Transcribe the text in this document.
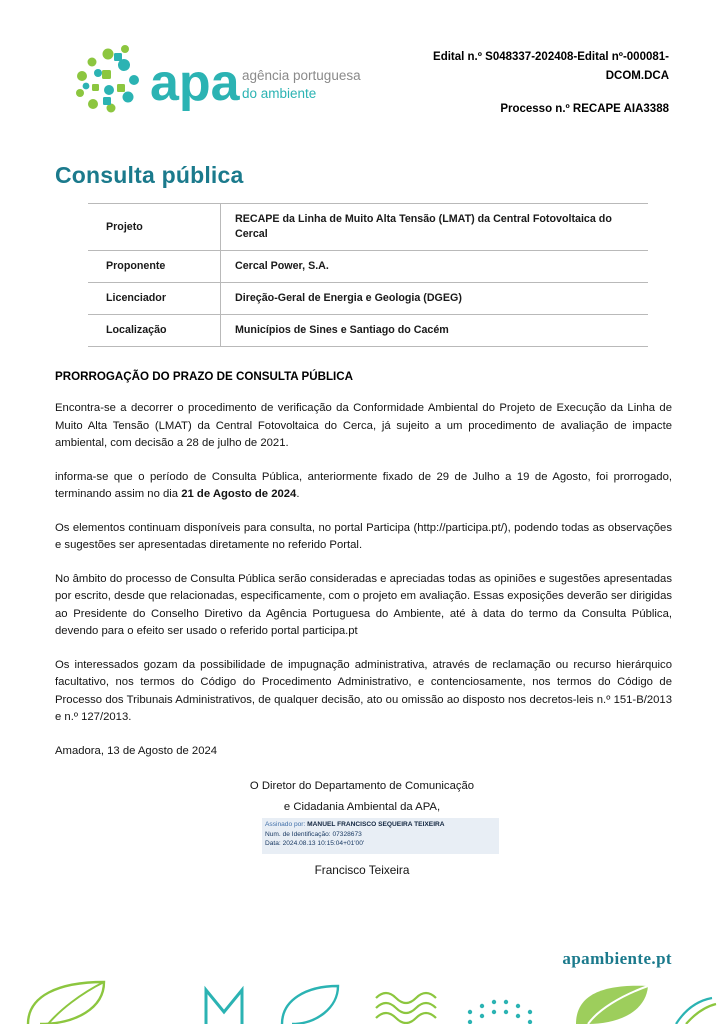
apa agência portuguesa
do ambiente
Edital n.º S048337-202408-Edital nº-000081-
DCOM.DCA
Processo n.º RECAPE AIA3388
Consulta pública
Projeto	RECAPE da Linha de Muito Alta Tensão (LMAT) da Central Fotovoltaica do Cercal
Proponente	Cercal Power, S.A.
Licenciador	Direção-Geral de Energia e Geologia (DGEG)
Localização	Municípios de Sines e Santiago do Cacém
PRORROGAÇÃO DO PRAZO DE CONSULTA PÚBLICA

Encontra-se a decorrer o procedimento de verificação da Conformidade Ambiental do Projeto de Execução da Linha de Muito Alta Tensão (LMAT) da Central Fotovoltaica do Cerca, já sujeito a um procedimento de avaliação de impacte ambiental, com decisão a 28 de julho de 2021.

informa-se que o período de Consulta Pública, anteriormente fixado de 29 de Julho a 19 de Agosto, foi prorrogado, terminando assim no dia 21 de Agosto de 2024.

Os elementos continuam disponíveis para consulta, no portal Participa (http://participa.pt/), podendo todas as observações e sugestões ser apresentadas diretamente no referido Portal.

No âmbito do processo de Consulta Pública serão consideradas e apreciadas todas as opiniões e sugestões apresentadas por escrito, desde que relacionadas, especificamente, com o projeto em avaliação. Essas exposições deverão ser dirigidas ao Presidente do Conselho Diretivo da Agência Portuguesa do Ambiente, até à data do termo da Consulta Pública, devendo para o efeito ser usado o referido portal participa.pt

Os interessados gozam da possibilidade de impugnação administrativa, através de reclamação ou recurso hierárquico facultativo, nos termos do Código do Procedimento Administrativo, e contenciosamente, nos termos do Código de Processo dos Tribunais Administrativos, de qualquer decisão, ato ou omissão ao disposto nos decretos-leis n.º 151-B/2013 e n.º 127/2013.

Amadora, 13 de Agosto de 2024
O Diretor do Departamento de Comunicação
e Cidadania Ambiental da APA,
Assinado por: MANUEL FRANCISCO SEQUEIRA TEIXEIRA
Num. de Identificação: 07328673
Data: 2024.08.13 10:15:04+01'00'
Francisco Teixeira
apambiente.pt
